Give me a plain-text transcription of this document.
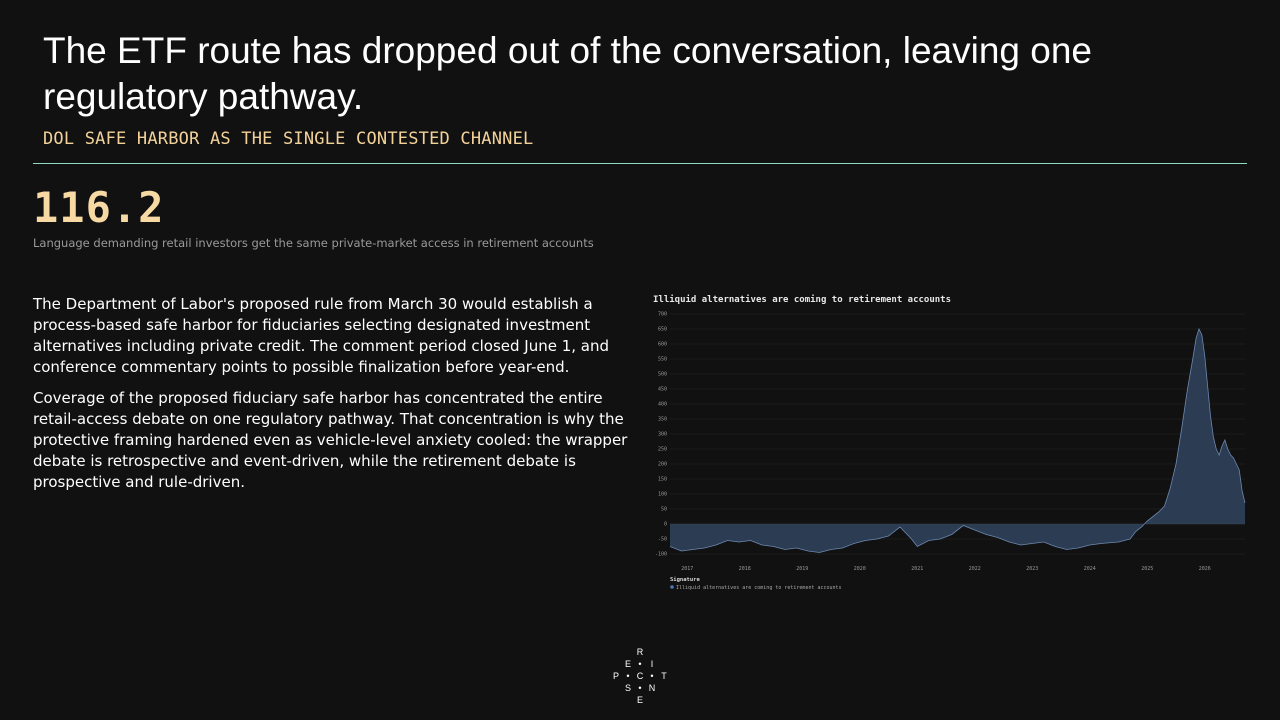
The ETF route has dropped out of the conversation, leaving one regulatory pathway.
DOL SAFE HARBOR AS THE SINGLE CONTESTED CHANNEL
116.2
Language demanding retail investors get the same private-market access in retirement accounts

The Department of Labor's proposed rule from March 30 would establish a process-based safe harbor for fiduciaries selecting designated investment alternatives including private credit. The comment period closed June 1, and conference commentary points to possible finalization before year-end.

Coverage of the proposed fiduciary safe harbor has concentrated the entire retail-access debate on one regulatory pathway. That concentration is why the protective framing hardened even as vehicle-level anxiety cooled: the wrapper debate is retrospective and event-driven, while the retirement debate is prospective and rule-driven.

Illiquid alternatives are coming to retirement accounts
700
650
600
550
500
450
400
350
300
250
200
150
100
50
0
-50
-100
2017	2018	2019	2020	2021	2022	2023	2024	2025	2026
Signature
Illiquid alternatives are coming to retirement accounts
R
E •	I
P • C • T
S • N
E
